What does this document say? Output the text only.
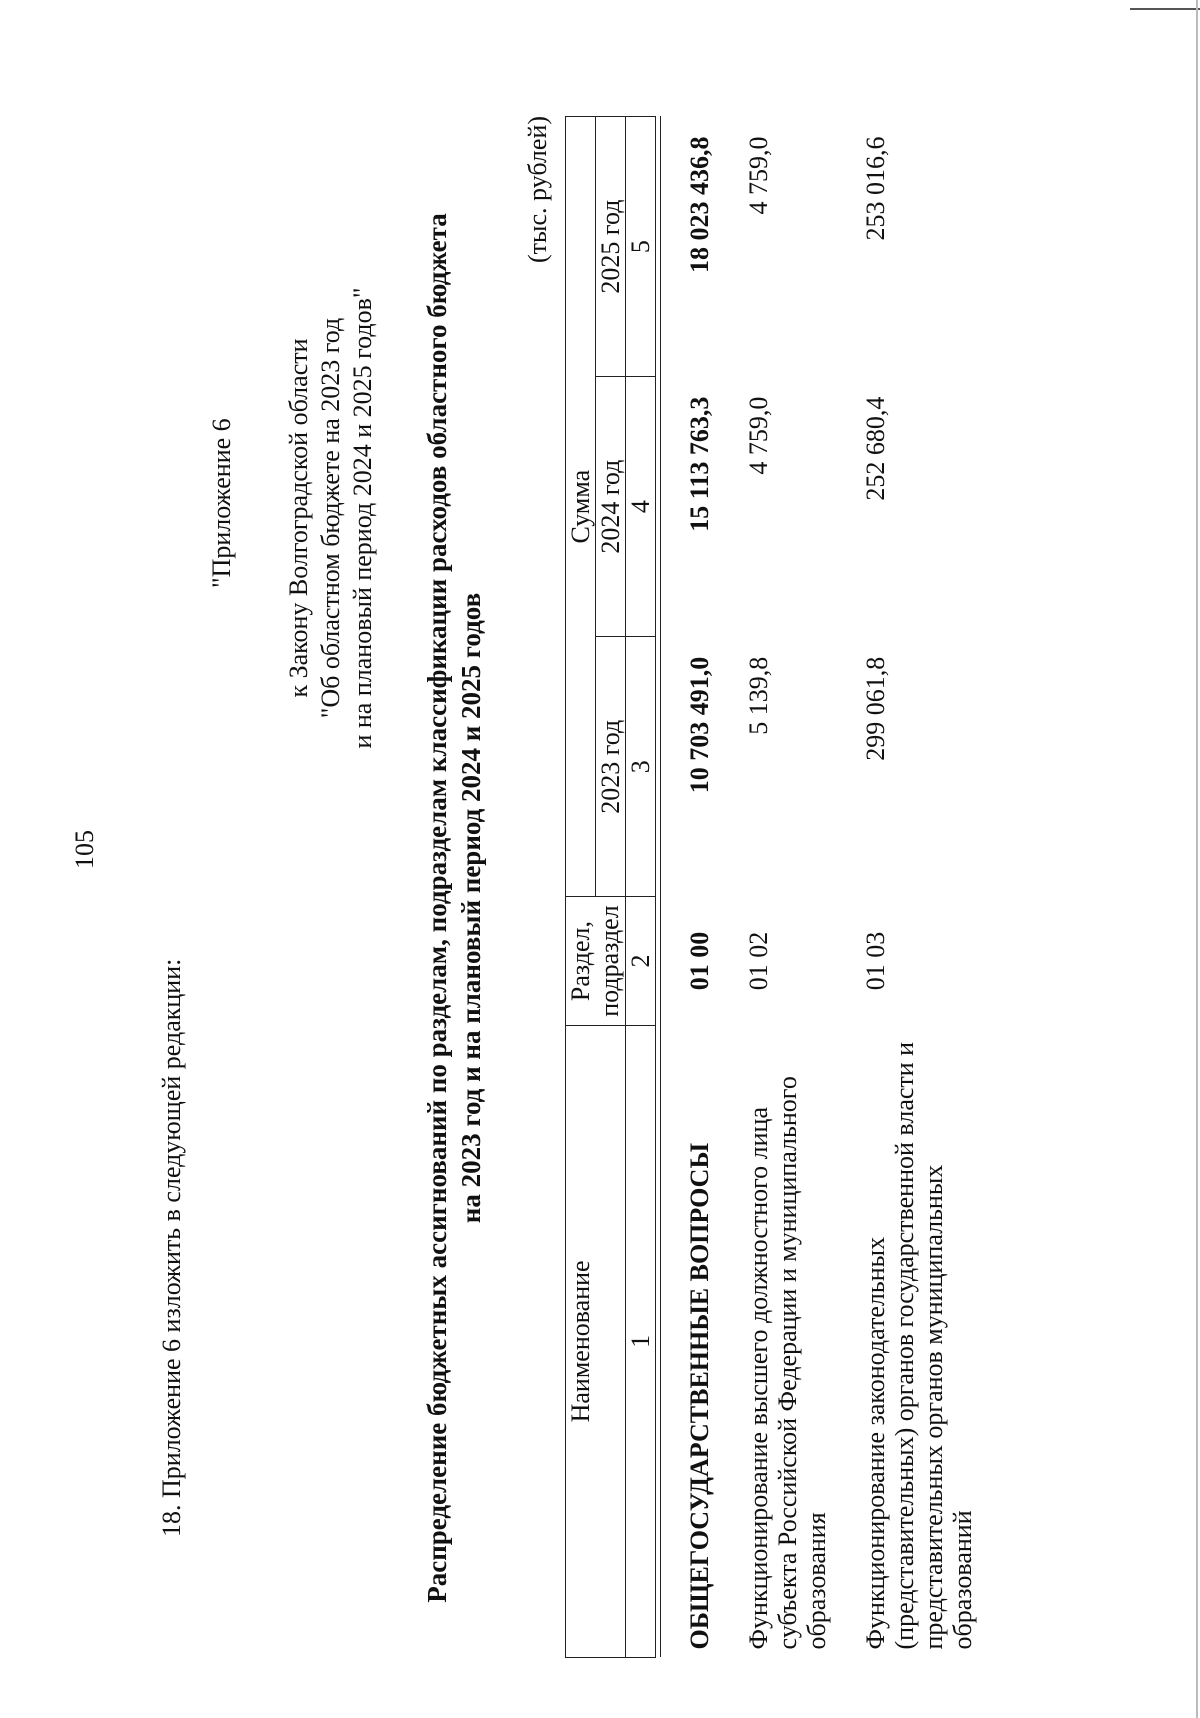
105
18. Приложение 6 изложить в следующей редакции:
"Приложение 6 к Закону Волгоградской области "Об областном бюджете на 2023 год и на плановый период 2024 и 2025 годов" Распределение бюджетных ассигнований по разделам, подразделам классификации расходов областного бюджета на 2023 год и на плановый период 2024 и 2025 годов
(тыс. рублей)
Наименование	Раздел, подраздел	Сумма		
		2023 год	2024 год	2025 год
1	2	3	4	5

ОБЩЕГОСУДАРСТВЕННЫЕ ВОПРОСЫ	01 00	10 703 491,0	15 113 763,3	18 023 436,8
Функционирование высшего должностного лица субъекта Российской Федерации и муниципального образования	01 02	5 139,8	4 759,0	4 759,0
Функционирование законодательных (представительных) органов государственной власти и представительных органов муниципальных образований	01 03	299 061,8	252 680,4	253 016,6
